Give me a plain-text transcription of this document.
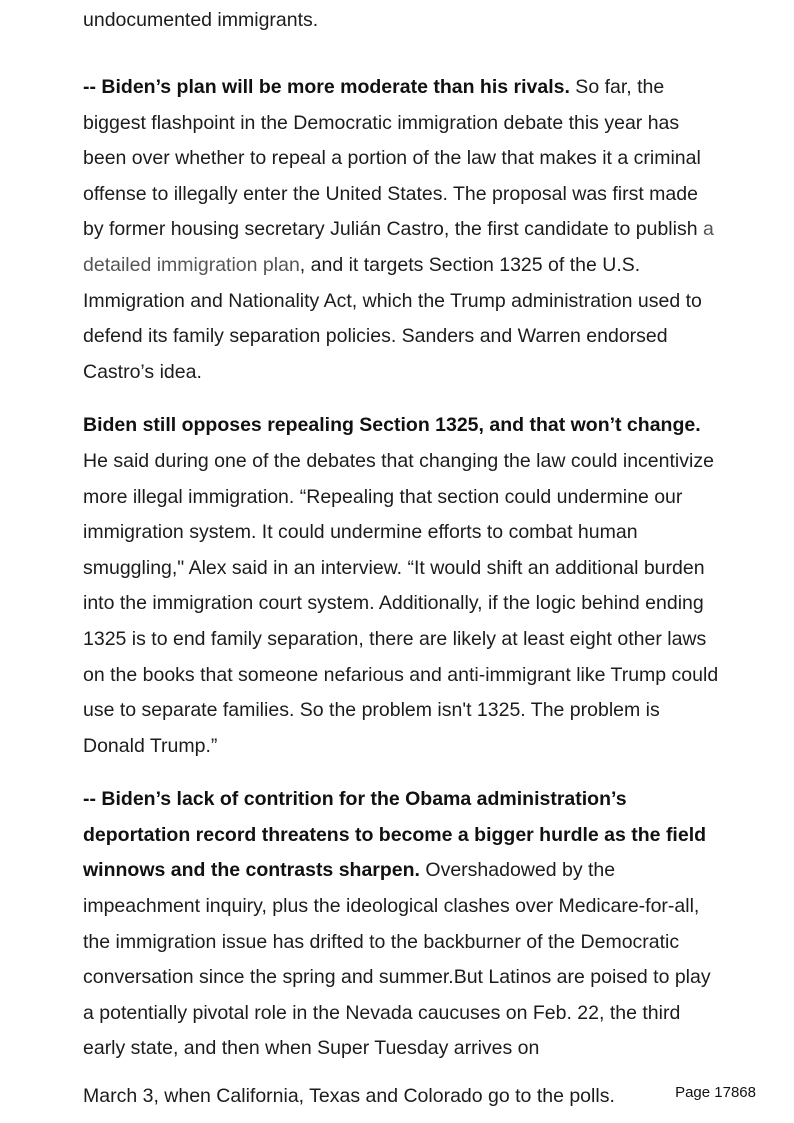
undocumented immigrants.

-- Biden’s plan will be more moderate than his rivals. So far, the biggest flashpoint in the Democratic immigration debate this year has been over whether to repeal a portion of the law that makes it a criminal offense to illegally enter the United States. The proposal was first made by former housing secretary Julián Castro, the first candidate to publish a detailed immigration plan, and it targets Section 1325 of the U.S. Immigration and Nationality Act, which the Trump administration used to defend its family separation policies. Sanders and Warren endorsed Castro’s idea.

Biden still opposes repealing Section 1325, and that won’t change. He said during one of the debates that changing the law could incentivize more illegal immigration. “Repealing that section could undermine our immigration system. It could undermine efforts to combat human smuggling," Alex said in an interview. “It would shift an additional burden into the immigration court system. Additionally, if the logic behind ending 1325 is to end family separation, there are likely at least eight other laws on the books that someone nefarious and anti-immigrant like Trump could use to separate families. So the problem isn't 1325. The problem is Donald Trump.”

-- Biden’s lack of contrition for the Obama administration’s deportation record threatens to become a bigger hurdle as the field winnows and the contrasts sharpen. Overshadowed by the impeachment inquiry, plus the ideological clashes over Medicare-for-all, the immigration issue has drifted to the backburner of the Democratic conversation since the spring and summer.But Latinos are poised to play a potentially pivotal role in the Nevada caucuses on Feb. 22, the third early state, and then when Super Tuesday arrives on

March 3, when California, Texas and Colorado go to the polls.	Page 17868
